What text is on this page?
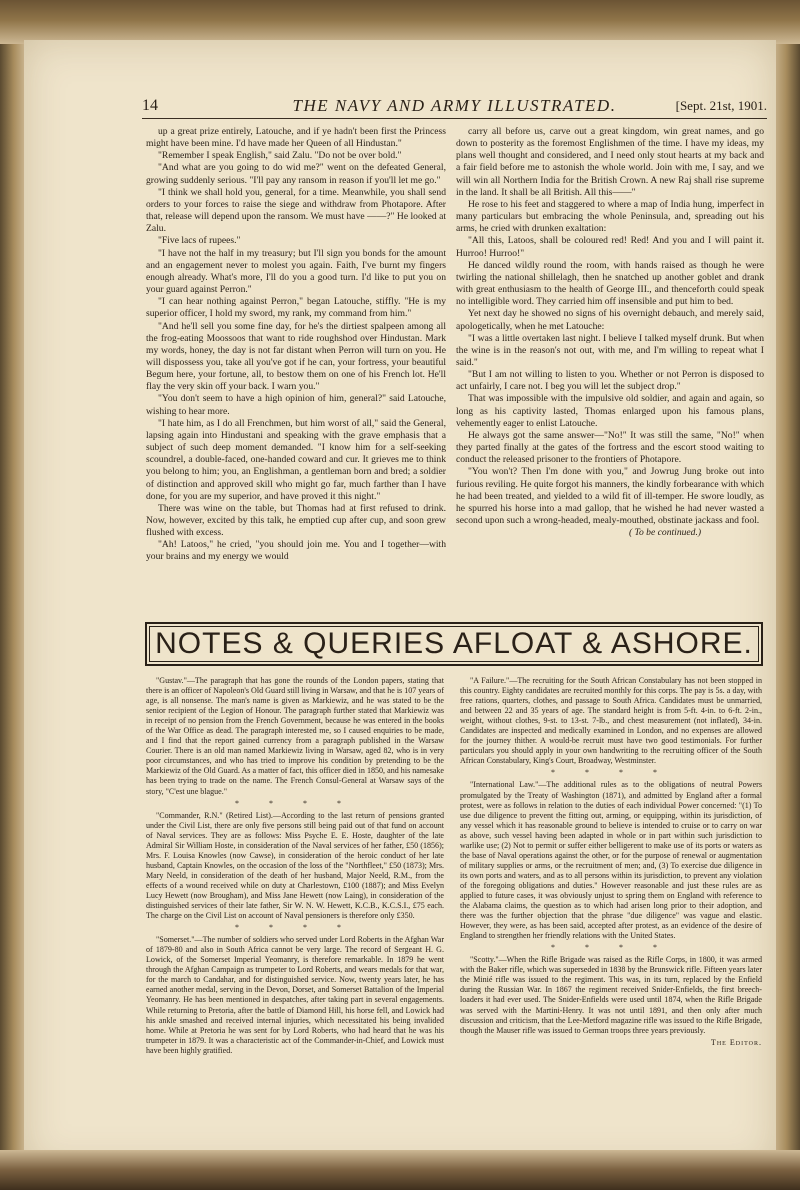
14	THE NAVY AND ARMY ILLUSTRATED.	[Sept. 21st, 1901.

up a great prize entirely, Latouche, and if ye hadn't been first the Princess might have been mine. I'd have made her Queen of all Hindustan."

"Remember I speak English," said Zalu. "Do not be over bold."

"And what are you going to do wid me?" went on the defeated General, growing suddenly serious. "I'll pay any ransom in reason if you'll let me go."

"I think we shall hold you, general, for a time. Meanwhile, you shall send orders to your forces to raise the siege and withdraw from Photapore. After that, release will depend upon the ransom. We must have ——?" He looked at Zalu.

"Five lacs of rupees."

"I have not the half in my treasury; but I'll sign you bonds for the amount and an engagement never to molest you again. Faith, I've burnt my fingers enough already. What's more, I'll do you a good turn. I'd like to put you on your guard against Perron."

"I can hear nothing against Perron," began Latouche, stiffly. "He is my superior officer, I hold my sword, my rank, my command from him."

"And he'll sell you some fine day, for he's the dirtiest spalpeen among all the frog-eating Moossoos that want to ride roughshod over Hindustan. Mark my words, honey, the day is not far distant when Perron will turn on you. He will dispossess you, take all you've got if he can, your fortress, your beautiful Begum here, your fortune, all, to bestow them on one of his French lot. He'll flay the very skin off your back. I warn you."

"You don't seem to have a high opinion of him, general?" said Latouche, wishing to hear more.

"I hate him, as I do all Frenchmen, but him worst of all," said the General, lapsing again into Hindustani and speaking with the grave emphasis that a subject of such deep moment demanded. "I know him for a self-seeking scoundrel, a double-faced, one-handed coward and cur. It grieves me to think you belong to him; you, an Englishman, a gentleman born and bred; a soldier of distinction and approved skill who might go far, much farther than I have done, for you are my superior, and have proved it this night."

There was wine on the table, but Thomas had at first refused to drink. Now, however, excited by this talk, he emptied cup after cup, and soon grew flushed with excess.

"Ah! Latoos," he cried, "you should join me. You and I together—with your brains and my energy we would

carry all before us, carve out a great kingdom, win great names, and go down to posterity as the foremost Englishmen of the time. I have my ideas, my plans well thought and considered, and I need only stout hearts at my back and a fair field before me to astonish the whole world. Join with me, I say, and we will win all Northern India for the British Crown. A new Raj shall rise supreme in the land. It shall be all British. All this——"

He rose to his feet and staggered to where a map of India hung, imperfect in many particulars but embracing the whole Peninsula, and, spreading out his arms, he cried with drunken exaltation:

"All this, Latoos, shall be coloured red! Red! And you and I will paint it. Hurroo! Hurroo!"

He danced wildly round the room, with hands raised as though he were twirling the national shillelagh, then he snatched up another goblet and drank with great enthusiasm to the health of George III., and thenceforth could speak no intelligible word. They carried him off insensible and put him to bed.

Yet next day he showed no signs of his overnight debauch, and merely said, apologetically, when he met Latouche:

"I was a little overtaken last night. I believe I talked myself drunk. But when the wine is in the reason's not out, with me, and I'm willing to repeat what I said."

"But I am not willing to listen to you. Whether or not Perron is disposed to act unfairly, I care not. I beg you will let the subject drop."

That was impossible with the impulsive old soldier, and again and again, so long as his captivity lasted, Thomas enlarged upon his famous plans, vehemently eager to enlist Latouche.

He always got the same answer—"No!" It was still the same, "No!" when they parted finally at the gates of the fortress and the escort stood waiting to conduct the released prisoner to the frontiers of Photapore.

"You won't? Then I'm done with you," and Jowrug Jung broke out into furious reviling. He quite forgot his manners, the kindly forbearance with which he had been treated, and yielded to a wild fit of ill-temper. He swore loudly, as he spurred his horse into a mad gallop, that he wished he had never wasted a second upon such a wrong-headed, mealy-mouthed, obstinate jackass and fool.

( To be continued.)

NOTES & QUERIES AFLOAT & ASHORE.

"Gustav."—The paragraph that has gone the rounds of the London papers, stating that there is an officer of Napoleon's Old Guard still living in Warsaw, and that he is 107 years of age, is all nonsense. The man's name is given as Markiewiz, and he was stated to be the senior recipient of the Legion of Honour. The paragraph further stated that Markiewiz was in receipt of no pension from the French Government, because he was entered in the books of the War Office as dead. The paragraph interested me, so I caused enquiries to be made, and I find that the report gained currency from a paragraph published in the Warsaw Courier. There is an old man named Markiewiz living in Warsaw, aged 82, who is in very poor circumstances, and who has tried to improve his condition by pretending to be the Markiewiz of the Old Guard. As a matter of fact, this officer died in 1850, and his namesake has been trying to trade on the name. The French Consul-General at Warsaw says of the story, "C'est une blague."

* * * *

"Commander, R.N." (Retired List).—According to the last return of pensions granted under the Civil List, there are only five persons still being paid out of that fund on account of Naval services. They are as follows: Miss Psyche E. E. Hoste, daughter of the late Admiral Sir William Hoste, in consideration of the Naval services of her father, £50 (1856); Mrs. F. Louisa Knowles (now Cawse), in consideration of the heroic conduct of her late husband, Captain Knowles, on the occasion of the loss of the "Northfleet," £50 (1873); Mrs. Mary Neeld, in consideration of the death of her husband, Major Neeld, R.M., from the effects of a wound received while on duty at Charlestown, £100 (1887); and Miss Evelyn Lucy Hewett (now Brougham), and Miss Jane Hewett (now Laing), in consideration of the distinguished services of their late father, Sir W. N. W. Hewett, K.C.B., K.C.S.I., £75 each. The charge on the Civil List on account of Naval pensioners is therefore only £350.

* * * *

"Somerset."—The number of soldiers who served under Lord Roberts in the Afghan War of 1879-80 and also in South Africa cannot be very large. The record of Sergeant H. G. Lowick, of the Somerset Imperial Yeomanry, is therefore remarkable. In 1879 he went through the Afghan Campaign as trumpeter to Lord Roberts, and wears medals for that war, for the march to Candahar, and for distinguished service. Now, twenty years later, he has earned another medal, serving in the Devon, Dorset, and Somerset Battalion of the Imperial Yeomanry. He has been mentioned in despatches, after taking part in several engagements. While returning to Pretoria, after the battle of Diamond Hill, his horse fell, and Lowick had his ankle smashed and received internal injuries, which necessitated his being invalided home. While at Pretoria he was sent for by Lord Roberts, who had heard that he was his trumpeter in 1879. It was a characteristic act of the Commander-in-Chief, and Lowick must have been highly gratified.

"A Failure."—The recruiting for the South African Constabulary has not been stopped in this country. Eighty candidates are recruited monthly for this corps. The pay is 5s. a day, with free rations, quarters, clothes, and passage to South Africa. Candidates must be unmarried, and between 22 and 35 years of age. The standard height is from 5-ft. 4-in. to 6-ft. 2-in., weight, without clothes, 9-st. to 13-st. 7-lb., and chest measurement (not inflated), 34-in. Candidates are inspected and medically examined in London, and no expenses are allowed for the journey thither. A would-be recruit must have two good testimonials. For further particulars you should apply in your own handwriting to the recruiting officer of the South African Constabulary, King's Court, Broadway, Westminster.

* * * *

"International Law."—The additional rules as to the obligations of neutral Powers promulgated by the Treaty of Washington (1871), and admitted by England after a formal protest, were as follows in relation to the duties of each individual Power concerned: "(1) To use due diligence to prevent the fitting out, arming, or equipping, within its jurisdiction, of any vessel which it has reasonable ground to believe is intended to cruise or to carry on war as above, such vessel having been adapted in whole or in part within such jurisdiction to warlike use; (2) Not to permit or suffer either belligerent to make use of its ports or waters as the base of Naval operations against the other, or for the purpose of renewal or augmentation of military supplies or arms, or the recruitment of men; and, (3) To exercise due diligence in its own ports and waters, and as to all persons within its jurisdiction, to prevent any violation of the foregoing obligations and duties." However reasonable and just these rules are as applied to future cases, it was obviously unjust to spring them on England with reference to the Alabama claims, the question as to which had arisen long prior to their adoption, and there was the further objection that the phrase "due diligence" was vague and elastic. However, they were, as has been said, accepted after protest, as an evidence of the desire of England to strengthen her friendly relations with the United States.

* * * *

"Scotty."—When the Rifle Brigade was raised as the Rifle Corps, in 1800, it was armed with the Baker rifle, which was superseded in 1838 by the Brunswick rifle. Fifteen years later the Minié rifle was issued to the regiment. This was, in its turn, replaced by the Enfield during the Russian War. In 1867 the regiment received Snider-Enfields, the first breech-loaders it had ever used. The Snider-Enfields were used until 1874, when the Rifle Brigade was served with the Martini-Henry. It was not until 1891, and then only after much discussion and criticism, that the Lee-Metford magazine rifle was issued to the Rifle Brigade, though the Mauser rifle was issued to German troops three years previously.

The Editor.
